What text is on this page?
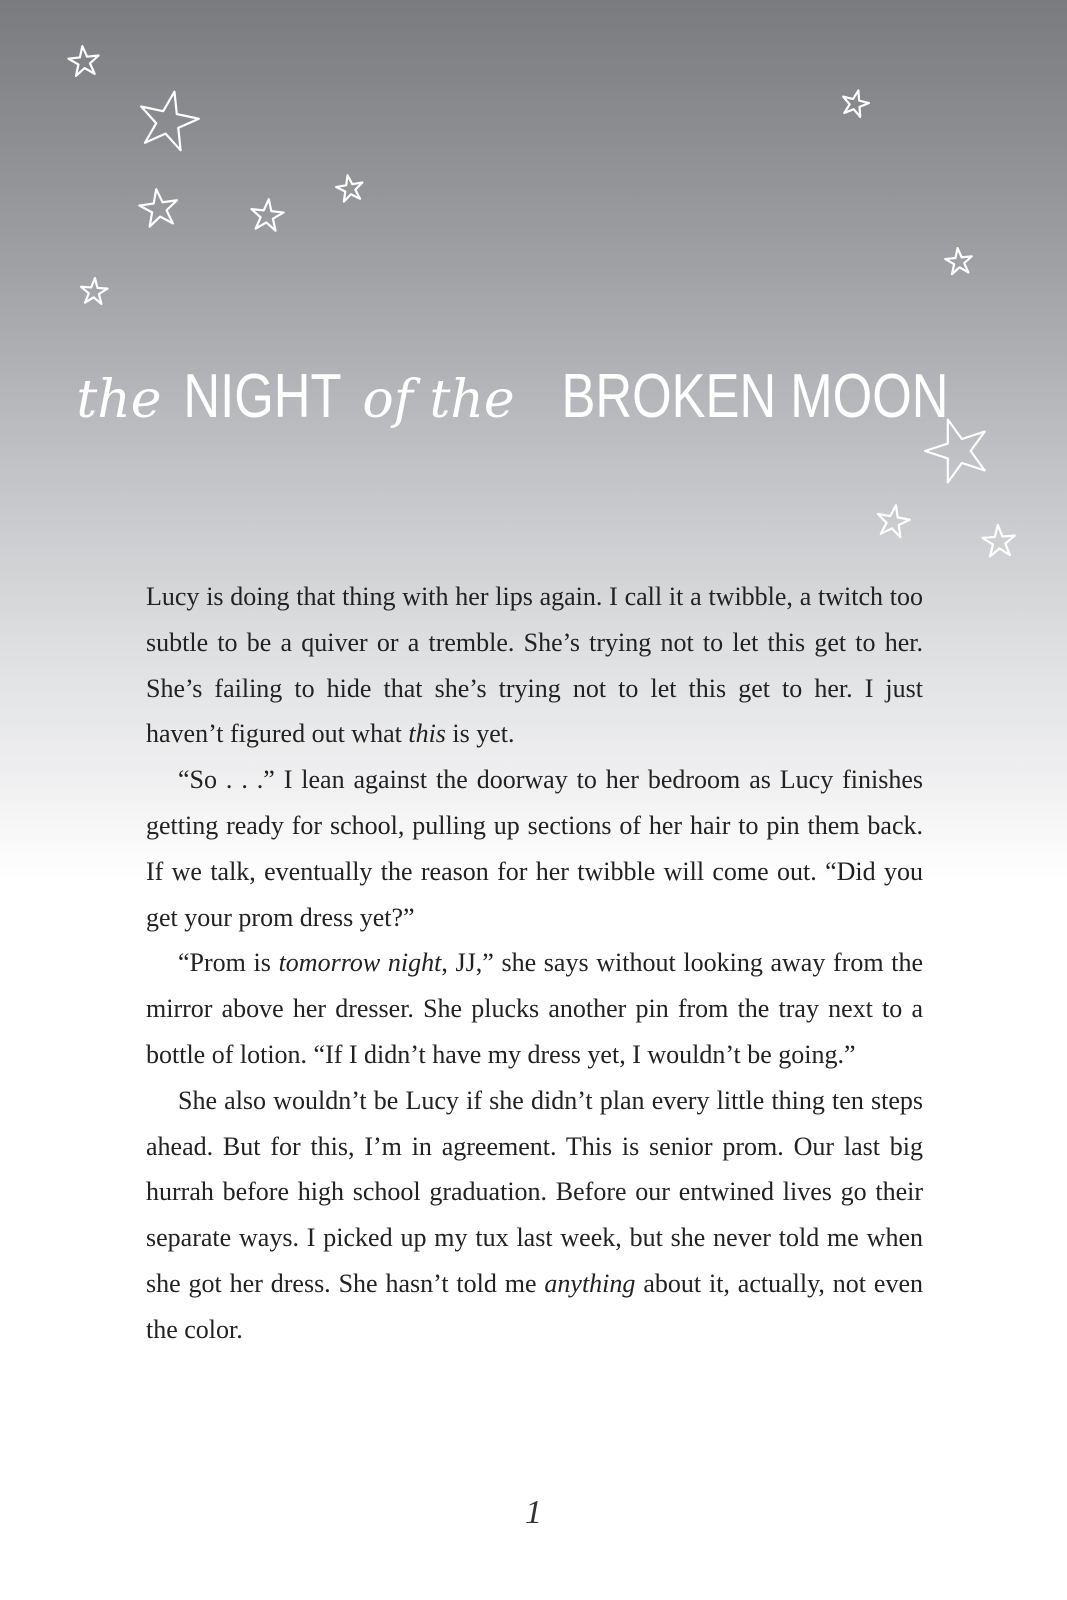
the NIGHT of the BROKEN MOON

Lucy is doing that thing with her lips again. I call it a twibble, a twitch too subtle to be a quiver or a tremble. She’s trying not to let this get to her. She’s failing to hide that she’s trying not to let this get to her. I just haven’t figured out what this is yet.

“So . . .” I lean against the doorway to her bedroom as Lucy finishes getting ready for school, pulling up sections of her hair to pin them back. If we talk, eventually the reason for her twibble will come out. “Did you get your prom dress yet?”

“Prom is tomorrow night, JJ,” she says without looking away from the mirror above her dresser. She plucks another pin from the tray next to a bottle of lotion. “If I didn’t have my dress yet, I wouldn’t be going.”

She also wouldn’t be Lucy if she didn’t plan every little thing ten steps ahead. But for this, I’m in agreement. This is senior prom. Our last big hurrah before high school graduation. Before our entwined lives go their separate ways. I picked up my tux last week, but she never told me when she got her dress. She hasn’t told me anything about it, actually, not even the color.

1
